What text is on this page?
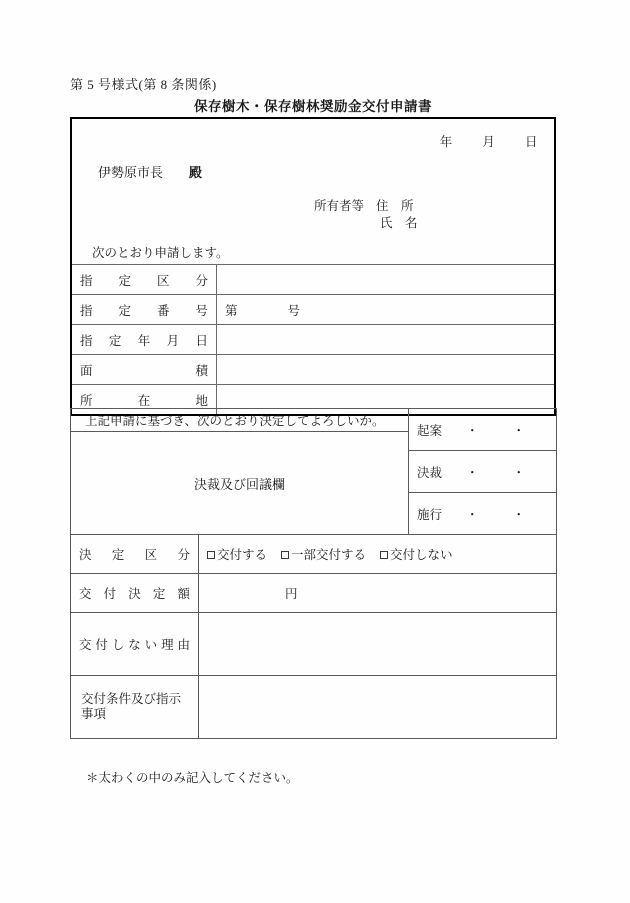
第 5 号様式(第 8 条関係)
保存樹木・保存樹林奨励金交付申請書
年 月 日
伊勢原市長 殿
所有者等 住　所
氏　名
次のとおり申請します。
指定区分	
指定番号	第　　　　号
指定年月日	
面積	
所在地	
上記申請に基づき、次のとおり決定してよろしいか。		起案 ・ ・
決裁及び回議欄		
		決裁 ・ ・
		施行 ・ ・
決定区分	交付する 一部交付する 交付しない	
交付決定額	円	
交付しない理由		
交付条件及び指示事項		
＊太わくの中のみ記入してください。
